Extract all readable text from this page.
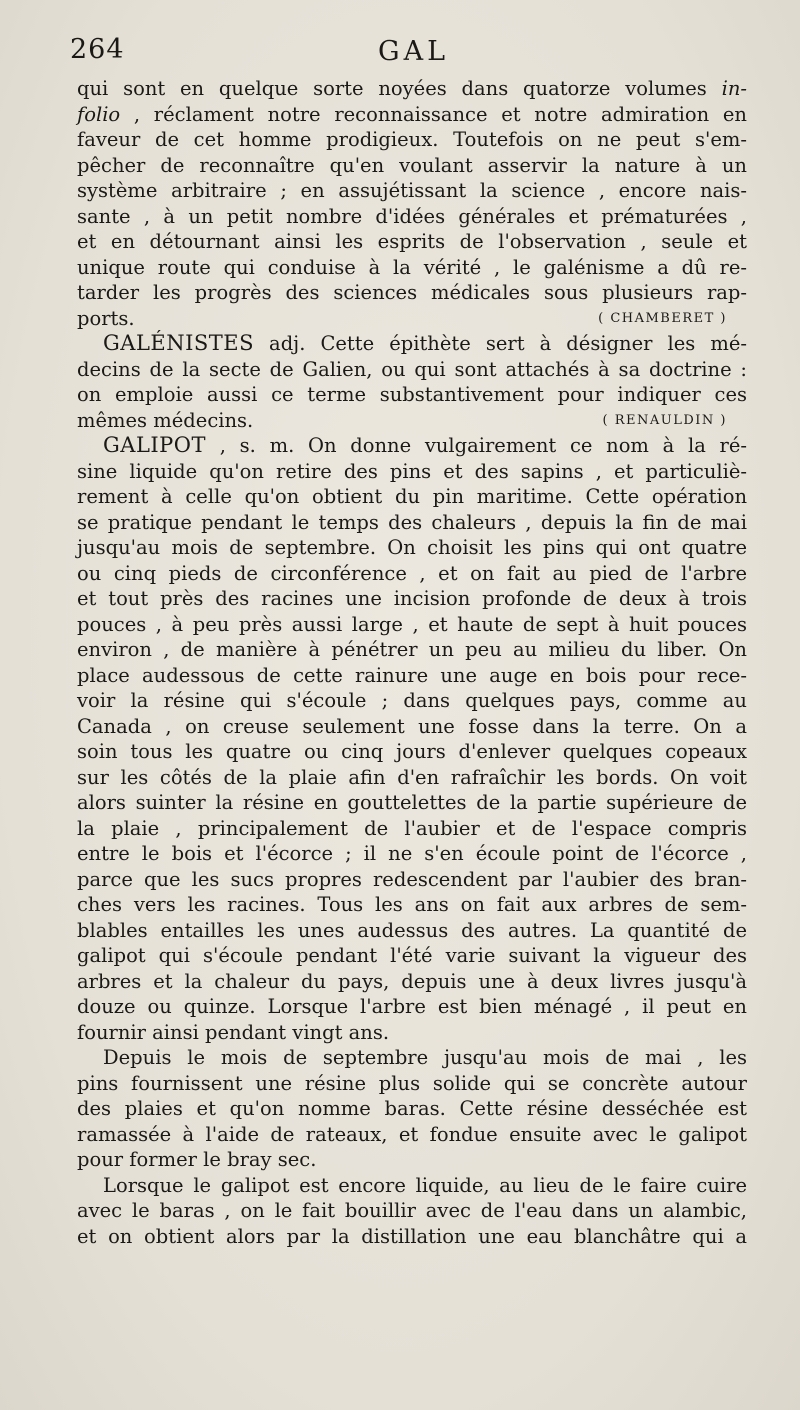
264	GAL
qui sont en quelque sorte noyées dans quatorze volumes in-
folio , réclament notre reconnaissance et notre admiration en
faveur de cet homme prodigieux. Toutefois on ne peut s'em-
pêcher de reconnaître qu'en voulant asservir la nature à un
système arbitraire ; en assujétissant la science , encore nais-
sante , à un petit nombre d'idées générales et prématurées ,
et en détournant ainsi les esprits de l'observation , seule et
unique route qui conduise à la vérité , le galénisme a dû re-
tarder les progrès des sciences médicales sous plusieurs rap-
ports.	( CHAMBERET )
GALÉNISTES adj. Cette épithète sert à désigner les mé-
decins de la secte de Galien, ou qui sont attachés à sa doctrine :
on emploie aussi ce terme substantivement pour indiquer ces
mêmes médecins.	( RENAULDIN )
GALIPOT , s. m. On donne vulgairement ce nom à la ré-
sine liquide qu'on retire des pins et des sapins , et particuliè-
rement à celle qu'on obtient du pin maritime. Cette opération
se pratique pendant le temps des chaleurs , depuis la fin de mai
jusqu'au mois de septembre. On choisit les pins qui ont quatre
ou cinq pieds de circonférence , et on fait au pied de l'arbre
et tout près des racines une incision profonde de deux à trois
pouces , à peu près aussi large , et haute de sept à huit pouces
environ , de manière à pénétrer un peu au milieu du liber. On
place audessous de cette rainure une auge en bois pour rece-
voir la résine qui s'écoule ; dans quelques pays, comme au
Canada , on creuse seulement une fosse dans la terre. On a
soin tous les quatre ou cinq jours d'enlever quelques copeaux
sur les côtés de la plaie afin d'en rafraîchir les bords. On voit
alors suinter la résine en gouttelettes de la partie supérieure de
la plaie , principalement de l'aubier et de l'espace compris
entre le bois et l'écorce ; il ne s'en écoule point de l'écorce ,
parce que les sucs propres redescendent par l'aubier des bran-
ches vers les racines. Tous les ans on fait aux arbres de sem-
blables entailles les unes audessus des autres. La quantité de
galipot qui s'écoule pendant l'été varie suivant la vigueur des
arbres et la chaleur du pays, depuis une à deux livres jusqu'à
douze ou quinze. Lorsque l'arbre est bien ménagé , il peut en
fournir ainsi pendant vingt ans.
Depuis le mois de septembre jusqu'au mois de mai , les
pins fournissent une résine plus solide qui se concrète autour
des plaies et qu'on nomme baras. Cette résine desséchée est
ramassée à l'aide de rateaux, et fondue ensuite avec le galipot
pour former le bray sec.
Lorsque le galipot est encore liquide, au lieu de le faire cuire
avec le baras , on le fait bouillir avec de l'eau dans un alambic,
et on obtient alors par la distillation une eau blanchâtre qui a
